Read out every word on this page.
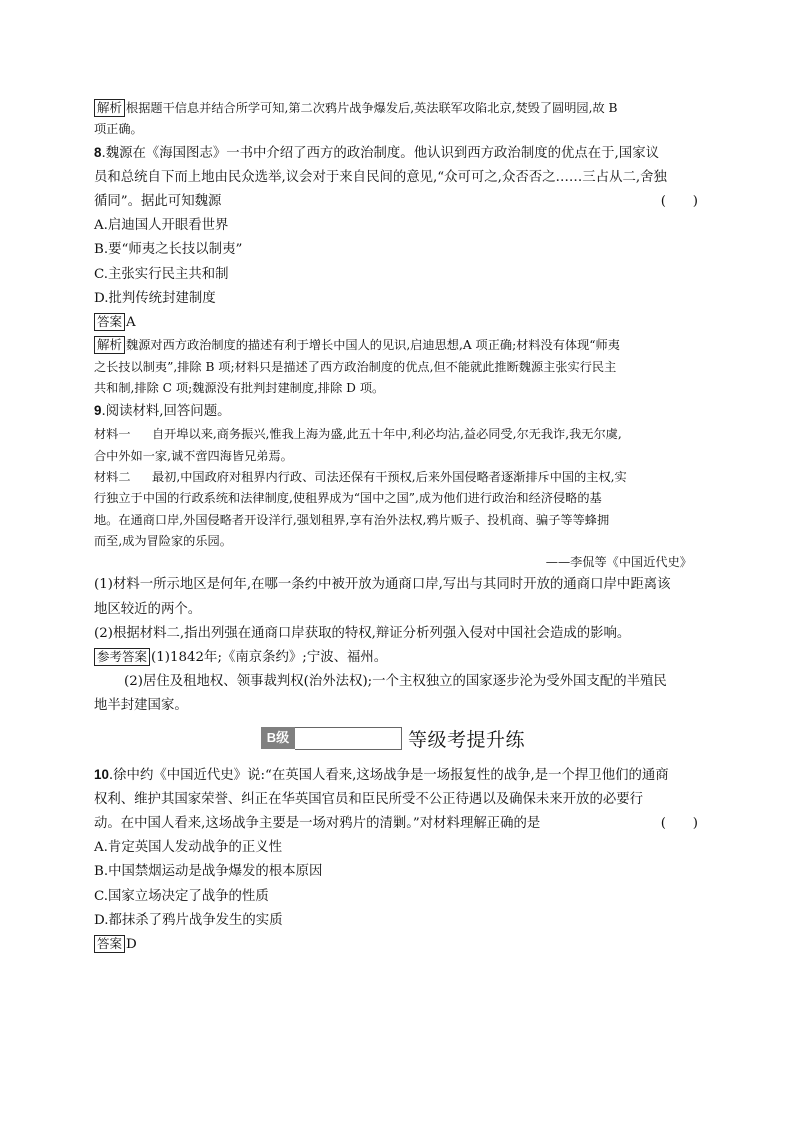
解析 根据题干信息并结合所学可知,第二次鸦片战争爆发后,英法联军攻陷北京,焚毁了圆明园,故 B
项正确。
8.魏源在《海国图志》一书中介绍了西方的政治制度。他认识到西方政治制度的优点在于,国家议
员和总统自下而上地由民众选举,议会对于来自民间的意见,“众可可之,众否否之……三占从二,舍独
(　　)
循同”。据此可知魏源
A.启迪国人开眼看世界
B.要“师夷之长技以制夷”
C.主张实行民主共和制
D.批判传统封建制度
答案 A
解析 魏源对西方政治制度的描述有利于增长中国人的见识,启迪思想,A 项正确;材料没有体现“师夷
之长技以制夷”,排除 B 项;材料只是描述了西方政治制度的优点,但不能就此推断魏源主张实行民主
共和制,排除 C 项;魏源没有批判封建制度,排除 D 项。
9.阅读材料,回答问题。
材料一 自开埠以来,商务振兴,惟我上海为盛,此五十年中,利必均沾,益必同受,尔无我诈,我无尔虞,
合中外如一家,诚不啻四海皆兄弟焉。
材料二 最初,中国政府对租界内行政、司法还保有干预权,后来外国侵略者逐渐排斥中国的主权,实
行独立于中国的行政系统和法律制度,使租界成为“国中之国”,成为他们进行政治和经济侵略的基
地。在通商口岸,外国侵略者开设洋行,强划租界,享有治外法权,鸦片贩子、投机商、骗子等等蜂拥
而至,成为冒险家的乐园。
——李侃等《中国近代史》
(1)材料一所示地区是何年,在哪一条约中被开放为通商口岸,写出与其同时开放的通商口岸中距离该
地区较近的两个。
(2)根据材料二,指出列强在通商口岸获取的特权,辩证分析列强入侵对中国社会造成的影响。
参考答案 (1)1842年;《南京条约》;宁波、福州。
(2)居住及租地权、领事裁判权(治外法权);一个主权独立的国家逐步沦为受外国支配的半殖民
地半封建国家。
B级	等级考提升练
10.徐中约《中国近代史》说:“在英国人看来,这场战争是一场报复性的战争,是一个捍卫他们的通商
权利、维护其国家荣誉、纠正在华英国官员和臣民所受不公正待遇以及确保未来开放的必要行
(　　)
动。在中国人看来,这场战争主要是一场对鸦片的清剿。”对材料理解正确的是
A.肯定英国人发动战争的正义性
B.中国禁烟运动是战争爆发的根本原因
C.国家立场决定了战争的性质
D.都抹杀了鸦片战争发生的实质
答案 D
